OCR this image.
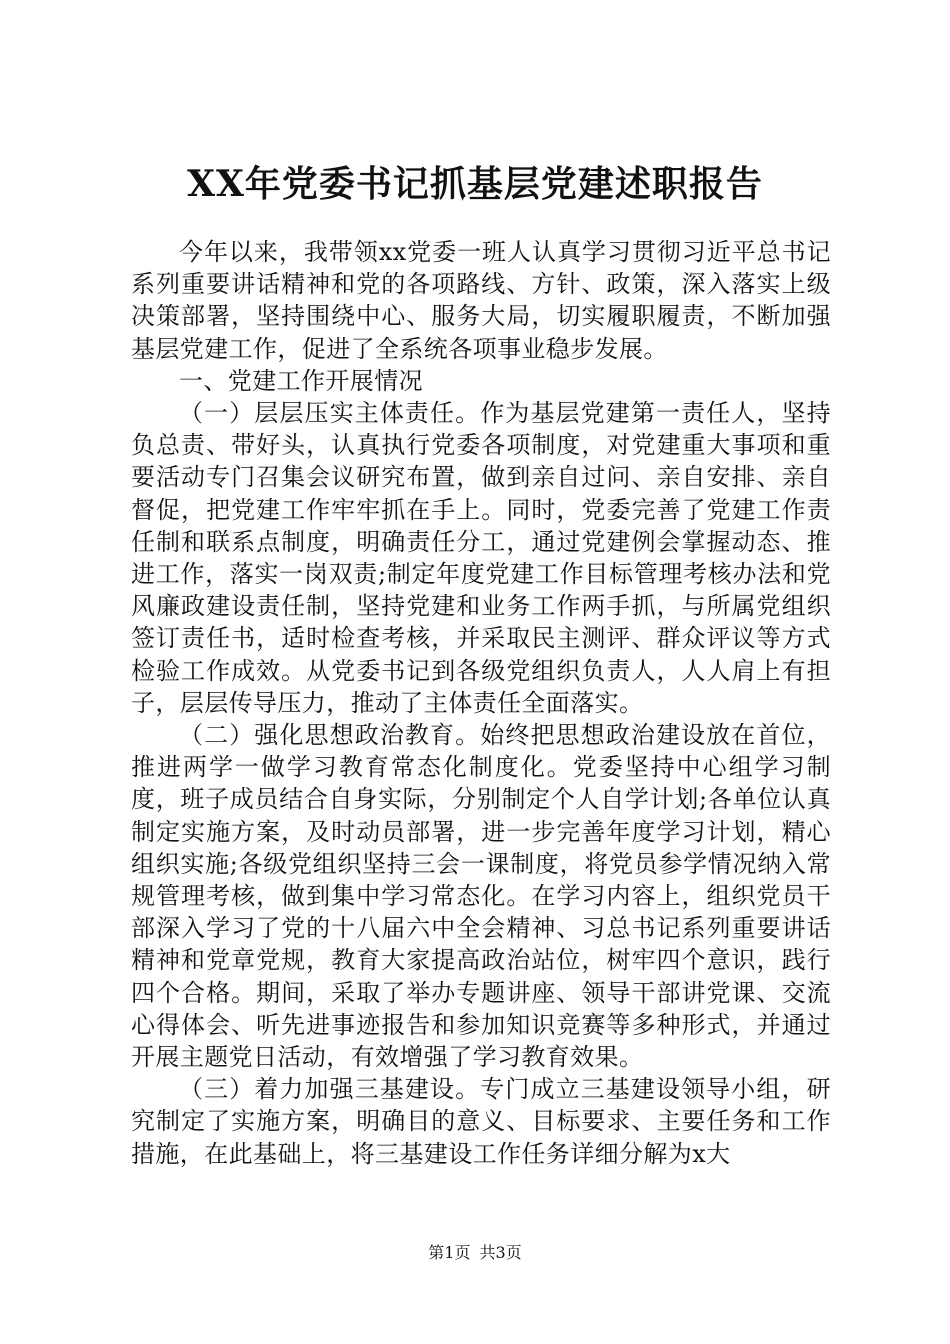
XX年党委书记抓基层党建述职报告

今年以来，我带领xx党委一班人认真学习贯彻习近平总书记系列重要讲话精神和党的各项路线、方针、政策，深入落实上级决策部署，坚持围绕中心、服务大局，切实履职履责，不断加强基层党建工作，促进了全系统各项事业稳步发展。

一、党建工作开展情况

（一）层层压实主体责任。作为基层党建第一责任人，坚持负总责、带好头，认真执行党委各项制度，对党建重大事项和重要活动专门召集会议研究布置，做到亲自过问、亲自安排、亲自督促，把党建工作牢牢抓在手上。同时，党委完善了党建工作责任制和联系点制度，明确责任分工，通过党建例会掌握动态、推进工作，落实一岗双责;制定年度党建工作目标管理考核办法和党风廉政建设责任制，坚持党建和业务工作两手抓，与所属党组织签订责任书，适时检查考核，并采取民主测评、群众评议等方式检验工作成效。从党委书记到各级党组织负责人，人人肩上有担子，层层传导压力，推动了主体责任全面落实。

（二）强化思想政治教育。始终把思想政治建设放在首位，推进两学一做学习教育常态化制度化。党委坚持中心组学习制度，班子成员结合自身实际，分别制定个人自学计划;各单位认真制定实施方案，及时动员部署，进一步完善年度学习计划，精心组织实施;各级党组织坚持三会一课制度，将党员参学情况纳入常规管理考核，做到集中学习常态化。在学习内容上，组织党员干部深入学习了党的十八届六中全会精神、习总书记系列重要讲话精神和党章党规，教育大家提高政治站位，树牢四个意识，践行四个合格。期间，采取了举办专题讲座、领导干部讲党课、交流心得体会、听先进事迹报告和参加知识竞赛等多种形式，并通过开展主题党日活动，有效增强了学习教育效果。

（三）着力加强三基建设。专门成立三基建设领导小组，研究制定了实施方案，明确目的意义、目标要求、主要任务和工作措施，在此基础上，将三基建设工作任务详细分解为x大

第1页 共3页
